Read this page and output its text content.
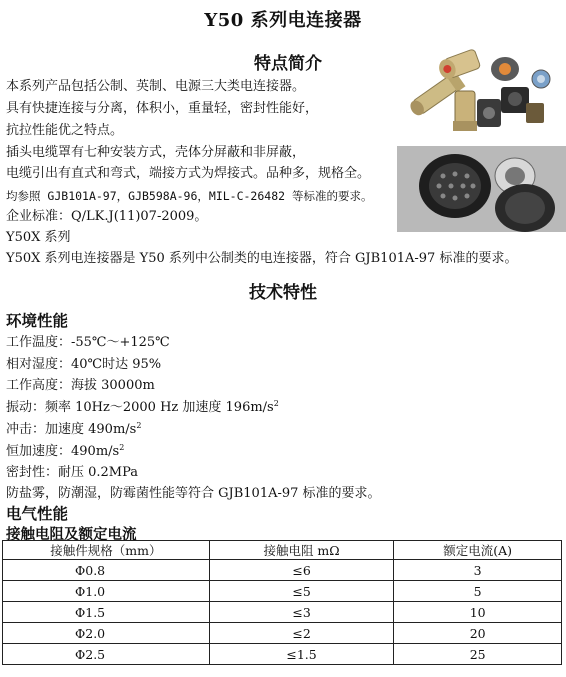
Y50 系列电连接器
特点简介
本系列产品包括公制、英制、电源三大类电连接器。
具有快捷连接与分离，体积小，重量轻，密封性能好，
抗拉性能优之特点。
插头电缆罩有七种安装方式，壳体分屏蔽和非屏蔽，
电缆引出有直式和弯式，端接方式为焊接式。品种多，规格全。
均参照 GJB101A-97，GJB598A-96，MIL-C-26482 等标准的要求。
企业标准：Q/LK.J(11)07-2009。
Y50X 系列
Y50X 系列电连接器是 Y50 系列中公制类的电连接器，符合 GJB101A-97 标准的要求。
技术特性
环境性能
工作温度：-55℃～+125℃
相对湿度：40℃时达 95%
工作高度：海拔 30000m
振动：频率 10Hz～2000 Hz 加速度 $196m/s^2$
冲击：加速度 $490m/s^2$
恒加速度：$490m/s^2$
密封性：耐压 0.2MPa
防盐雾，防潮湿，防霉菌性能等符合 GJB101A-97 标准的要求。
电气性能
接触电阻及额定电流
接触件规格（mm）	接触电阻 mΩ	额定电流(A)
Φ0.8	≤6	3
Φ1.0	≤5	5
Φ1.5	≤3	10
Φ2.0	≤2	20
Φ2.5	≤1.5	25
